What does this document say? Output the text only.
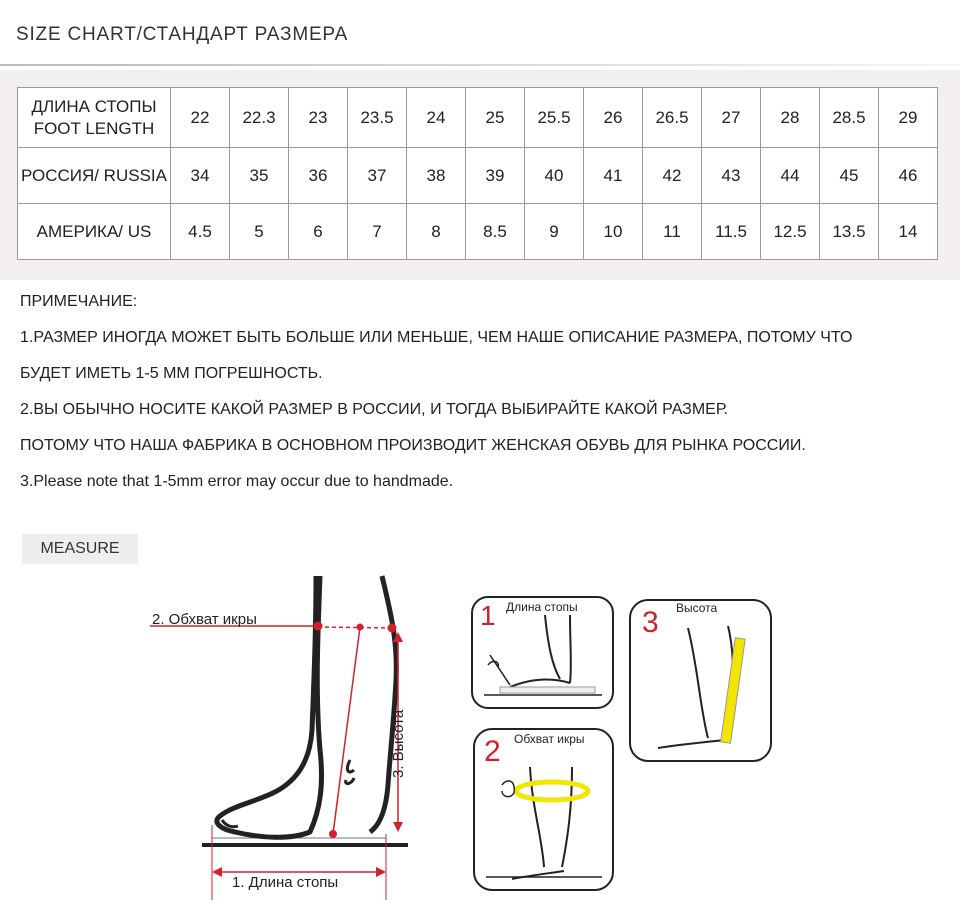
SIZE CHART/СТАНДАРТ РАЗМЕРА
ДЛИНА СТОПЫ
FOOT LENGTH	22	22.3	23	23.5	24	25	25.5	26	26.5	27	28	28.5	29

РОССИЯ/ RUSSIA	34	35	36	37	38	39	40	41	42	43	44	45	46

АМЕРИКА/ US	4.5	5	6	7	8	8.5	9	10	11	11.5	12.5	13.5	14
ПРИМЕЧАНИЕ:
1.РАЗМЕР ИНОГДА МОЖЕТ БЫТЬ БОЛЬШЕ ИЛИ МЕНЬШЕ, ЧЕМ НАШЕ ОПИСАНИЕ РАЗМЕРА, ПОТОМУ ЧТО
БУДЕТ ИМЕТЬ 1-5 ММ ПОГРЕШНОСТЬ.
2.ВЫ ОБЫЧНО НОСИТЕ КАКОЙ РАЗМЕР В РОССИИ, И ТОГДА ВЫБИРАЙТЕ КАКОЙ РАЗМЕР.
ПОТОМУ ЧТО НАША ФАБРИКА В ОСНОВНОМ ПРОИЗВОДИТ ЖЕНСКАЯ ОБУВЬ ДЛЯ РЫНКА РОССИИ.
3.Please note that 1-5mm error may occur due to handmade.
MEASURE
2. Обхват икры
3. Высота
1. Длина стопы
1 Длина стопы 3 Высота
2 Обхват икры
